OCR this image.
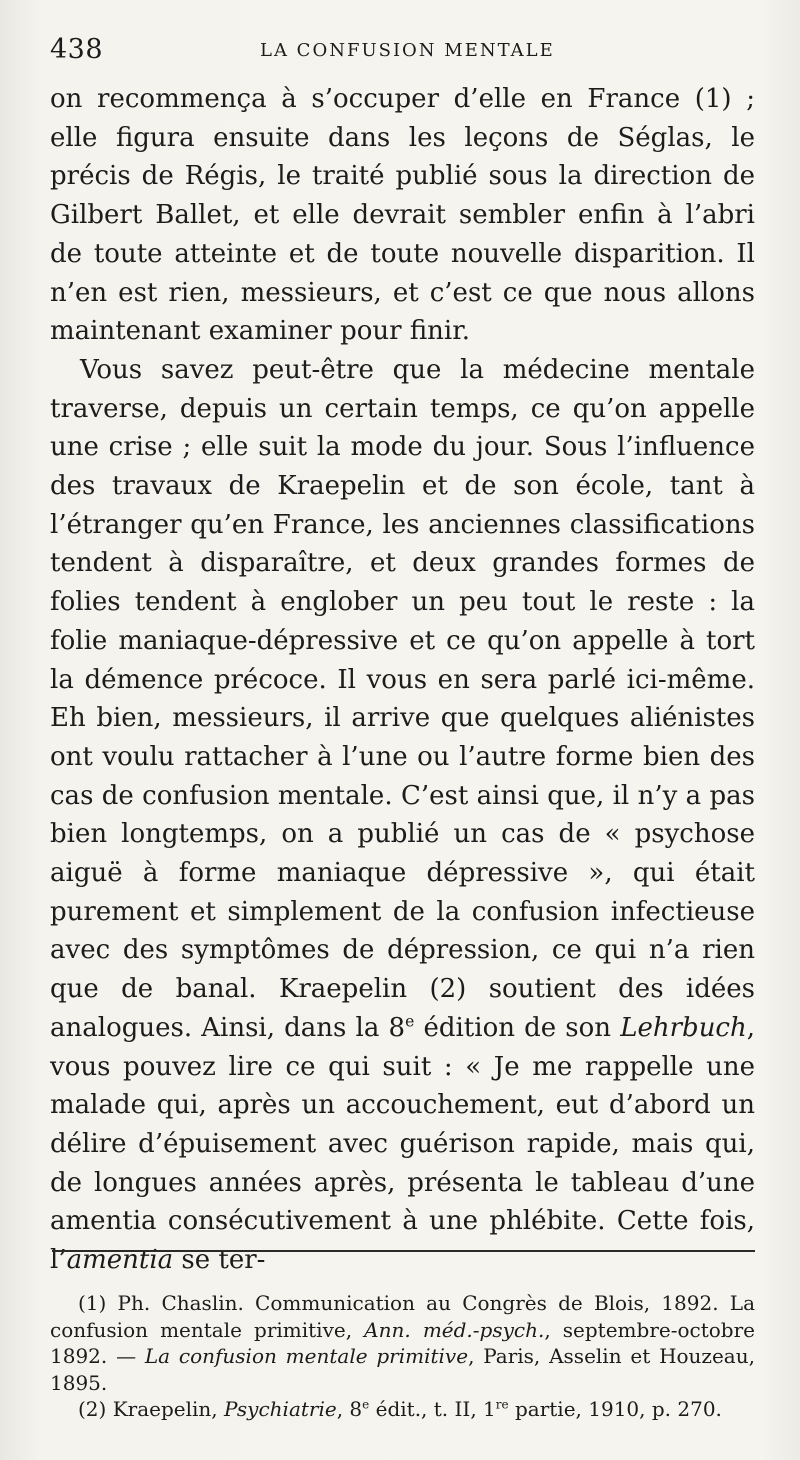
438	LA CONFUSION MENTALE

on recommença à s’occuper d’elle en France (1) ; elle figura ensuite dans les leçons de Séglas, le précis de Régis, le traité publié sous la direction de Gilbert Ballet, et elle devrait sembler enfin à l’abri de toute atteinte et de toute nouvelle disparition. Il n’en est rien, messieurs, et c’est ce que nous allons maintenant examiner pour finir.

Vous savez peut-être que la médecine mentale traverse, depuis un certain temps, ce qu’on appelle une crise ; elle suit la mode du jour. Sous l’influence des travaux de Kraepelin et de son école, tant à l’étranger qu’en France, les anciennes classifications tendent à disparaître, et deux grandes formes de folies tendent à englober un peu tout le reste : la folie maniaque-dépressive et ce qu’on appelle à tort la démence précoce. Il vous en sera parlé ici-même. Eh bien, messieurs, il arrive que quelques aliénistes ont voulu rattacher à l’une ou l’autre forme bien des cas de confusion mentale. C’est ainsi que, il n’y a pas bien longtemps, on a publié un cas de « psychose aiguë à forme maniaque dépressive », qui était purement et simplement de la confusion infectieuse avec des symptômes de dépression, ce qui n’a rien que de banal. Kraepelin (2) soutient des idées analogues. Ainsi, dans la 8e édition de son Lehrbuch, vous pouvez lire ce qui suit : « Je me rappelle une malade qui, après un accouchement, eut d’abord un délire d’épuisement avec guérison rapide, mais qui, de longues années après, présenta le tableau d’une amentia consécutivement à une phlébite. Cette fois, l’amentia se ter-

(1) Ph. Chaslin. Communication au Congrès de Blois, 1892. La confusion mentale primitive, Ann. méd.-psych., septembre-octobre 1892. — La confusion mentale primitive, Paris, Asselin et Houzeau, 1895.

(2) Kraepelin, Psychiatrie, 8e édit., t. II, 1re partie, 1910, p. 270.
